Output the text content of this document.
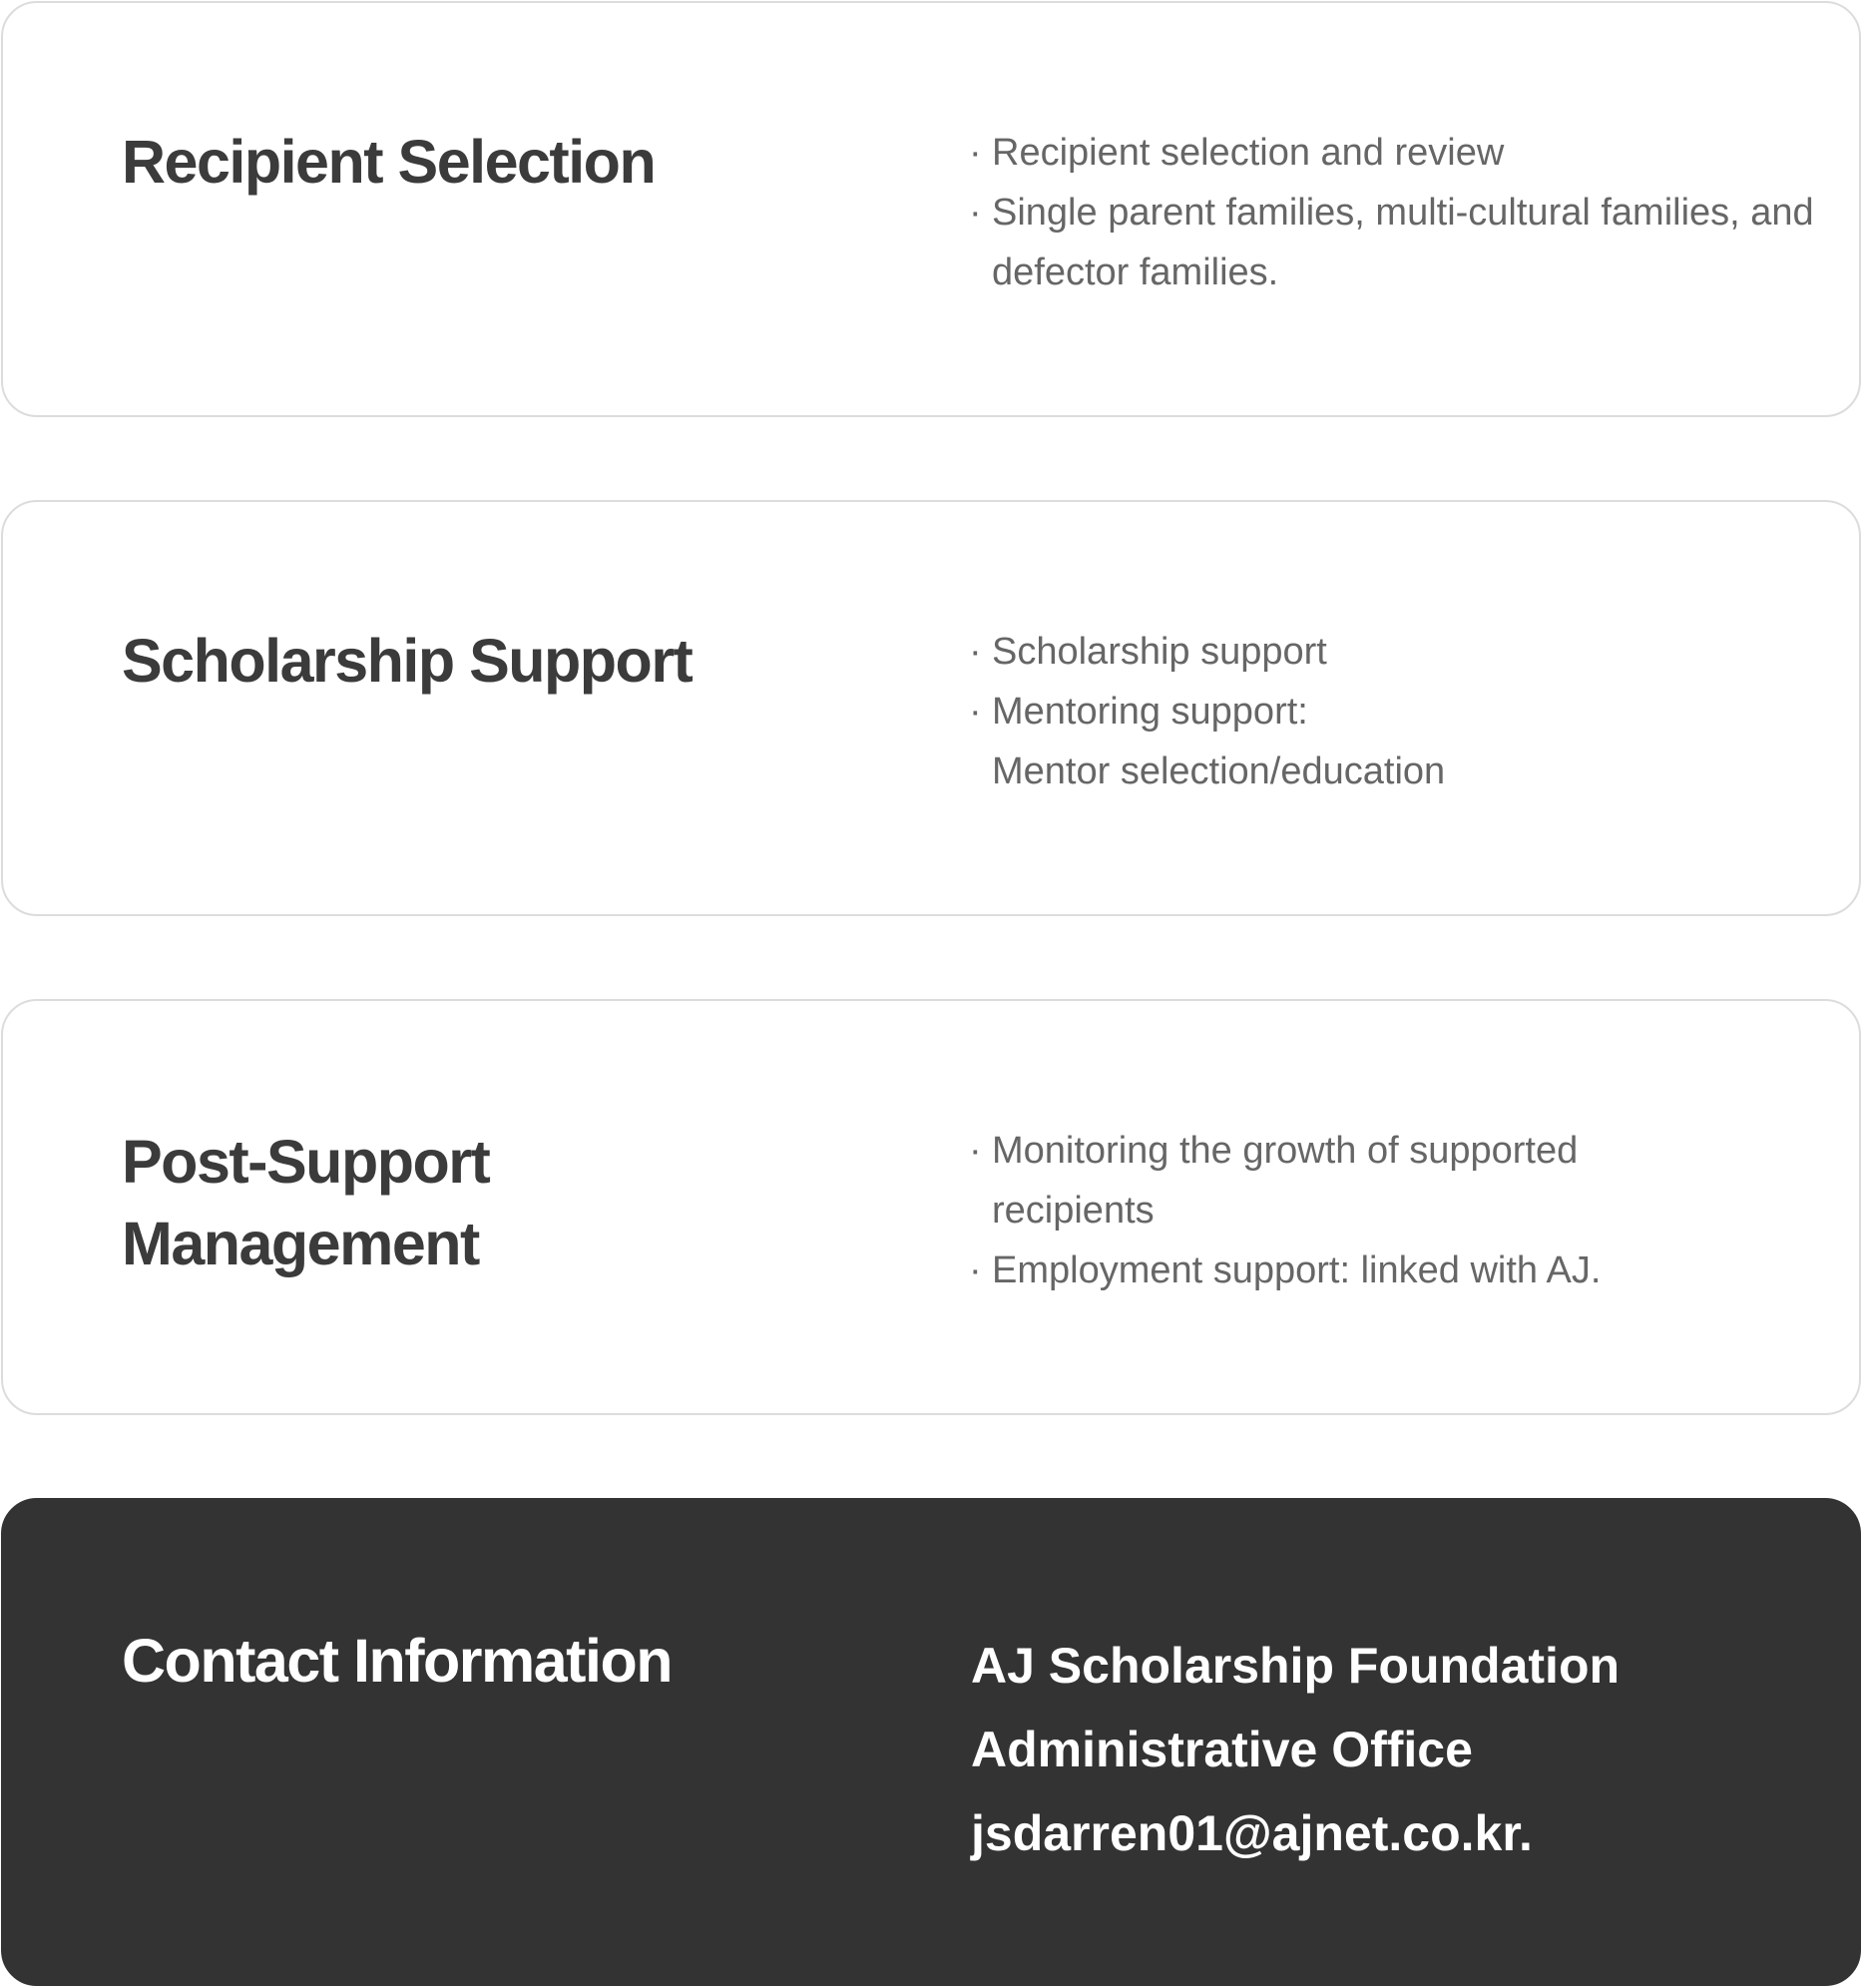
Recipient Selection	· Recipient selection and review
· Single parent families, multi-cultural families, and defector families.
Scholarship Support	· Scholarship support
· Mentoring support:
Mentor selection/education
Post-Support
Management
· Monitoring the growth of supported recipients
· Employment support: linked with AJ.
Contact Information	AJ Scholarship Foundation
Administrative Office
jsdarren01@ajnet.co.kr.
